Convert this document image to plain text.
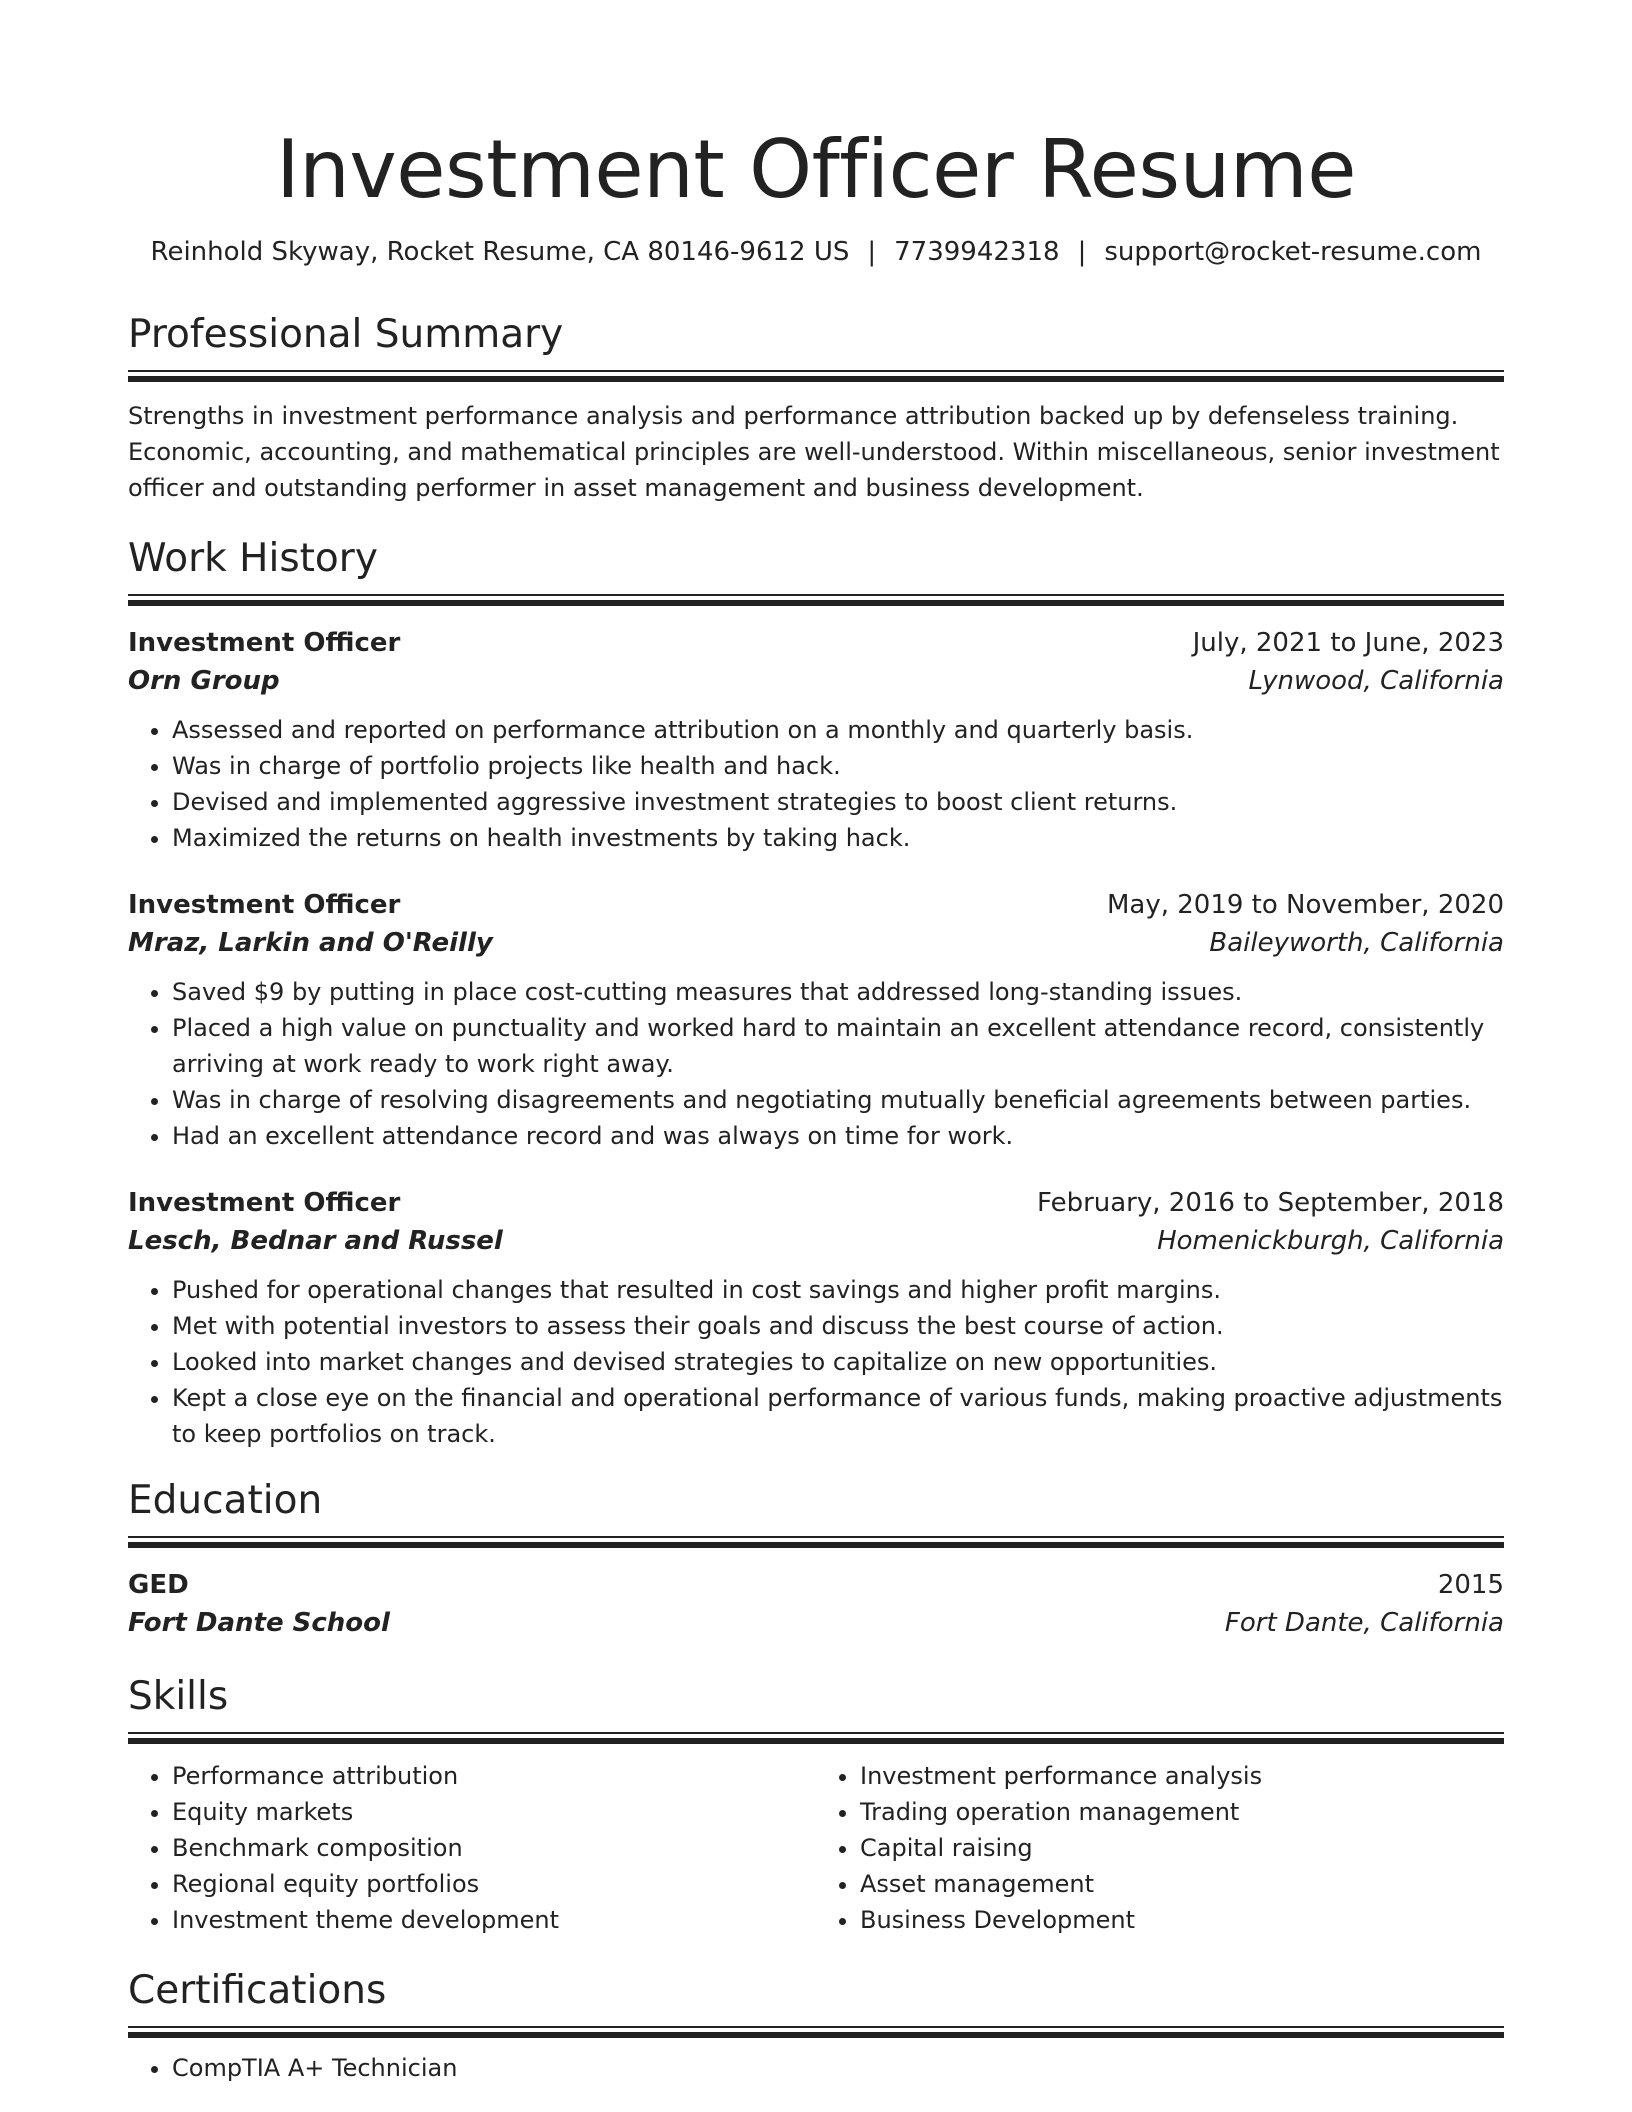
Investment Officer Resume
Reinhold Skyway, Rocket Resume, CA 80146-9612 US | 7739942318 | support@rocket-resume.com
Professional Summary
Strengths in investment performance analysis and performance attribution backed up by defenseless training. Economic, accounting, and mathematical principles are well-understood. Within miscellaneous, senior investment officer and outstanding performer in asset management and business development.
Work History
Investment Officer	July, 2021 to June, 2023
Orn Group	Lynwood, California
• Assessed and reported on performance attribution on a monthly and quarterly basis.
• Was in charge of portfolio projects like health and hack.
• Devised and implemented aggressive investment strategies to boost client returns.
• Maximized the returns on health investments by taking hack.
Investment Officer	May, 2019 to November, 2020
Mraz, Larkin and O'Reilly	Baileyworth, California
• Saved $9 by putting in place cost-cutting measures that addressed long-standing issues.
• Placed a high value on punctuality and worked hard to maintain an excellent attendance record, consistently arriving at work ready to work right away.
• Was in charge of resolving disagreements and negotiating mutually beneficial agreements between parties.
• Had an excellent attendance record and was always on time for work.
Investment Officer	February, 2016 to September, 2018
Lesch, Bednar and Russel	Homenickburgh, California
• Pushed for operational changes that resulted in cost savings and higher profit margins.
• Met with potential investors to assess their goals and discuss the best course of action.
• Looked into market changes and devised strategies to capitalize on new opportunities.
• Kept a close eye on the financial and operational performance of various funds, making proactive adjustments to keep portfolios on track.
Education
GED	2015
Fort Dante School	Fort Dante, California
Skills
• Performance attribution
• Equity markets
• Benchmark composition
• Regional equity portfolios
• Investment theme development
• Investment performance analysis
• Trading operation management
• Capital raising
• Asset management
• Business Development
Certifications
• CompTIA A+ Technician
